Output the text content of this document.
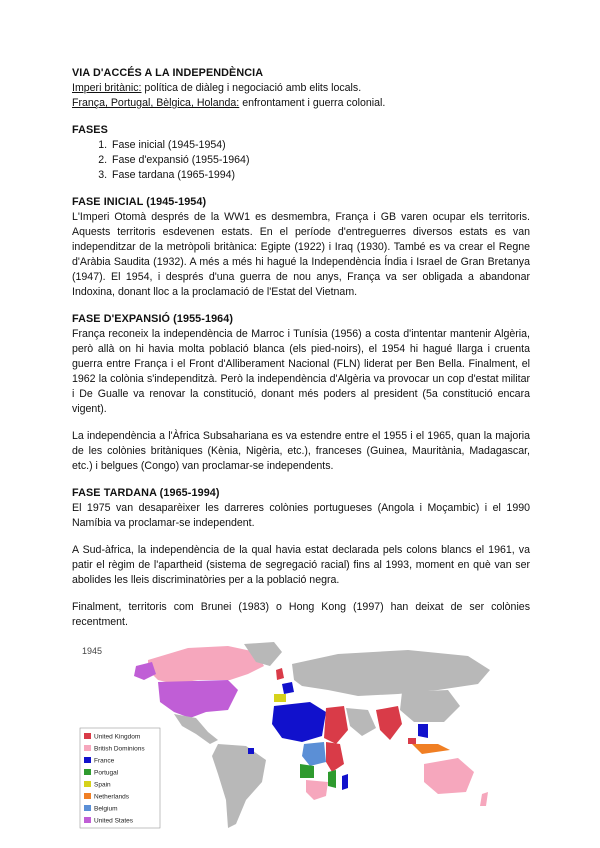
VIA D'ACCÉS A LA INDEPENDÈNCIA

Imperi britànic: política de diàleg i negociació amb elits locals.

França, Portugal, Bèlgica, Holanda: enfrontament i guerra colonial.

FASES
1. Fase inicial (1945-1954)
2. Fase d'expansió (1955-1964)
3. Fase tardana (1965-1994)
FASE INICIAL (1945-1954)

L'Imperi Otomà després de la WW1 es desmembra, França i GB varen ocupar els territoris. Aquests territoris esdevenen estats. En el període d'entreguerres diversos estats es van independitzar de la metròpoli britànica: Egipte (1922) i Iraq (1930). També es va crear el Regne d'Aràbia Saudita (1932). A més a més hi hagué la Independència Índia i Israel de Gran Bretanya (1947). El 1954, i després d'una guerra de nou anys, França va ser obligada a abandonar Indoxina, donant lloc a la proclamació de l'Estat del Vietnam.

FASE D'EXPANSIÓ (1955-1964)

França reconeix la independència de Marroc i Tunísia (1956) a costa d'intentar mantenir Algèria, però allà on hi havia molta població blanca (els pied-noirs), el 1954 hi hagué llarga i cruenta guerra entre França i el Front d'Alliberament Nacional (FLN) liderat per Ben Bella. Finalment, el 1962 la colònia s'independitzà. Però la independència d'Algèria va provocar un cop d'estat militar i De Gualle va renovar la constitució, donant més poders al president (5a constitució encara vigent).

La independència a l'Àfrica Subsahariana es va estendre entre el 1955 i el 1965, quan la majoria de les colònies britàniques (Kènia, Nigèria, etc.), franceses (Guinea, Mauritània, Madagascar, etc.) i belgues (Congo) van proclamar-se independents.

FASE TARDANA (1965-1994)

El 1975 van desaparèixer les darreres colònies portugueses (Angola i Moçambic) i el 1990 Namíbia va proclamar-se independent.

A Sud-àfrica, la independència de la qual havia estat declarada pels colons blancs el 1961, va patir el règim de l'apartheid (sistema de segregació racial) fins al 1993, moment en què van ser abolides les lleis discriminatòries per a la població negra.

Finalment, territoris com Brunei (1983) o Hong Kong (1997) han deixat de ser colònies recentment.

1945
United Kingdom
British Dominions
France
Portugal
Spain
Netherlands
Belgium
United States
